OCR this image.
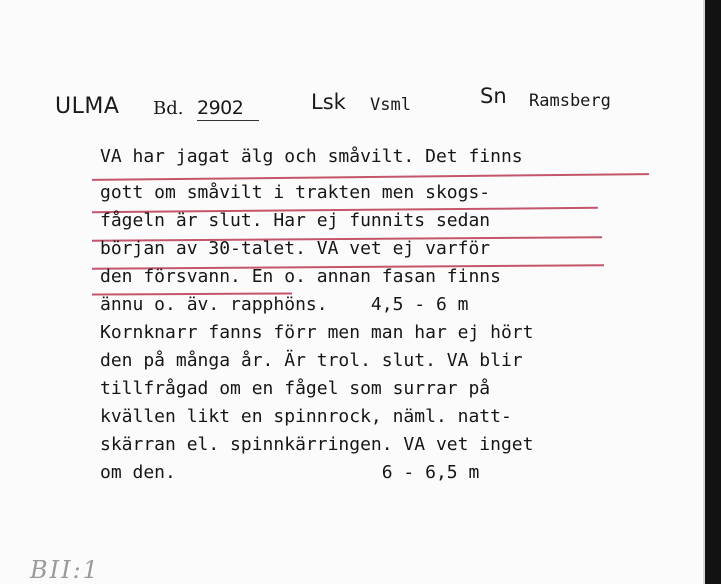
ULMA Bd. 2902	Lsk Vsml	Sn Ramsberg
VA har jagat älg och småvilt. Det finns
gott om småvilt i trakten men skogs-
fågeln är slut. Har ej funnits sedan
början av 30-talet. VA vet ej varför
den försvann. En o. annan fasan finns
ännu o. äv. rapphöns.    4,5 - 6 m
Kornknarr fanns förr men man har ej hört
den på många år. Är trol. slut. VA blir
tillfrågad om en fågel som surrar på
kvällen likt en spinnrock, näml. natt-
skärran el. spinnkärringen. VA vet inget
om den.                   6 - 6,5 m
BII:1
